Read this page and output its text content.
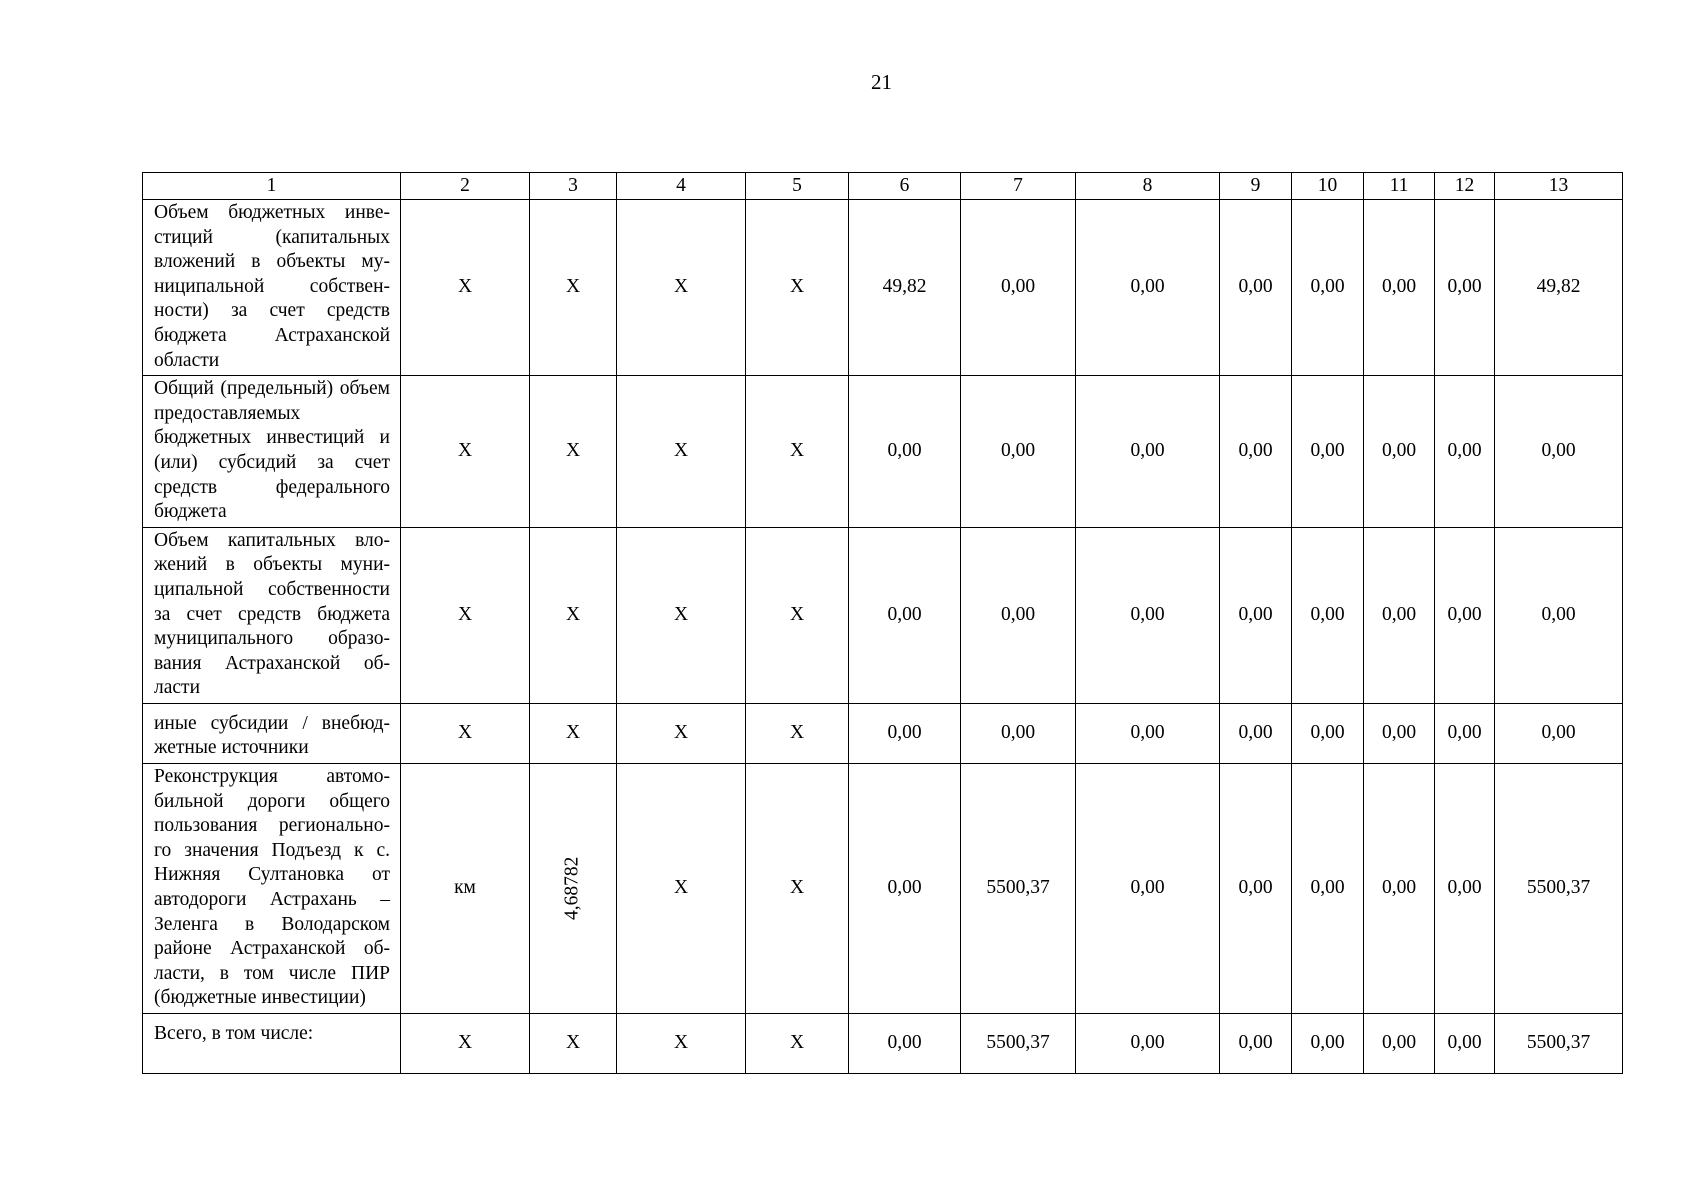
21
1	2	3	4	5	6	7	8	9	10	11	12	13
Объем бюджетных инве-стиций (капитальных вложений в объекты му-ниципальной собствен-ности) за счет средств бюджета Астраханской области	Х	Х	Х	Х	49,82	0,00	0,00	0,00	0,00	0,00	0,00	49,82
Общий (предельный) объем предоставляемых бюджетных инвестиций и (или) субсидий за счет средств федерального бюджета	Х	Х	Х	Х	0,00	0,00	0,00	0,00	0,00	0,00	0,00	0,00
Объем капитальных вло-жений в объекты муни-ципальной собственности за счет средств бюджета муниципального образо-вания Астраханской об-ласти	Х	Х	Х	Х	0,00	0,00	0,00	0,00	0,00	0,00	0,00	0,00
иные субсидии / внебюд-жетные источники	Х	Х	Х	Х	0,00	0,00	0,00	0,00	0,00	0,00	0,00	0,00
Реконструкция автомо-бильной дороги общего пользования регионально-го значения Подъезд к с. Нижняя Султановка от автодороги Астрахань – Зеленга в Володарском районе Астраханской об-ласти, в том числе ПИР (бюджетные инвестиции)	км	4,68782	Х	Х	0,00	5500,37	0,00	0,00	0,00	0,00	0,00	5500,37
Всего, в том числе:	Х	Х	Х	Х	0,00	5500,37	0,00	0,00	0,00	0,00	0,00	5500,37
